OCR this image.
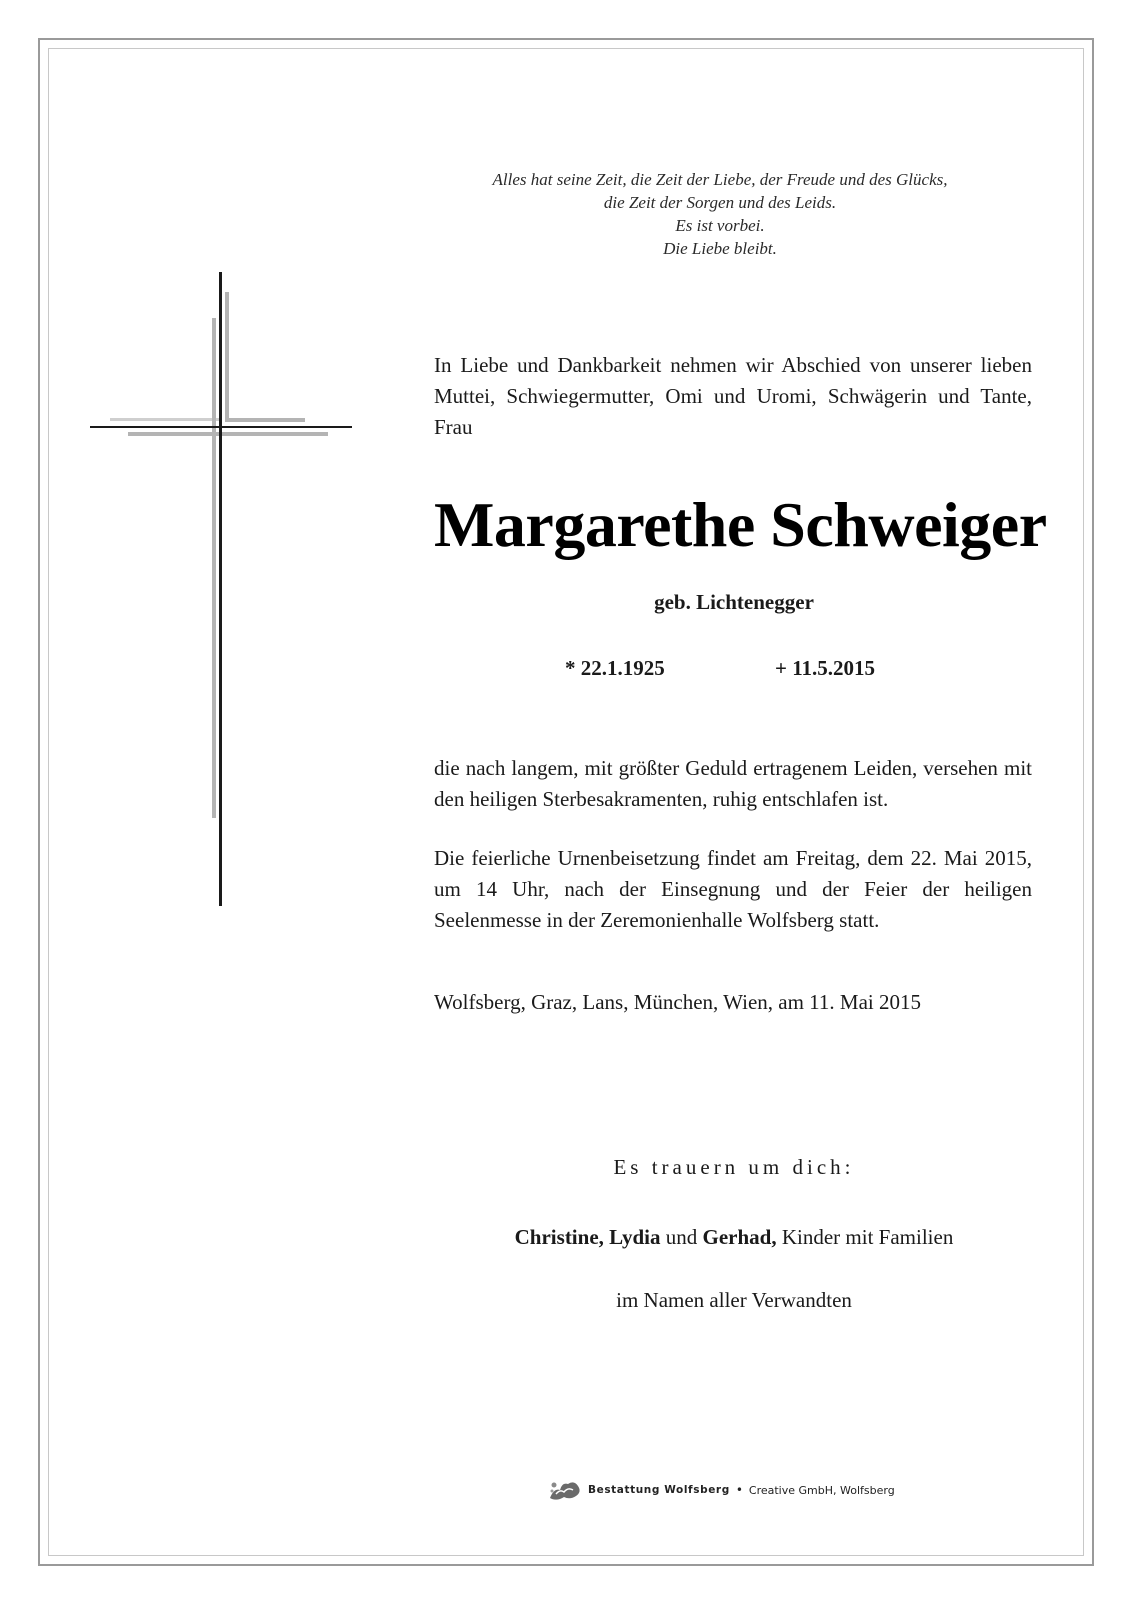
Alles hat seine Zeit, die Zeit der Liebe, der Freude und des Glücks,
die Zeit der Sorgen und des Leids.
Es ist vorbei.
Die Liebe bleibt.
In Liebe und Dankbarkeit nehmen wir Abschied von unserer lieben Muttei, Schwiegermutter, Omi und Uromi, Schwägerin und Tante, Frau
Margarethe Schweiger
geb. Lichtenegger
* 22.1.1925	+ 11.5.2015
die nach langem, mit größter Geduld ertragenem Leiden, versehen mit den heiligen Sterbesakramenten, ruhig entschlafen ist.
Die feierliche Urnenbeisetzung findet am Freitag, dem 22. Mai 2015, um 14 Uhr, nach der Einsegnung und der Feier der heiligen Seelenmesse in der Zeremonienhalle Wolfsberg statt.
Wolfsberg, Graz, Lans, München, Wien, am 11. Mai 2015
Es trauern um dich:
Christine, Lydia und Gerhad, Kinder mit Familien
im Namen aller Verwandten
Bestattung Wolfsberg • Creative GmbH, Wolfsberg
